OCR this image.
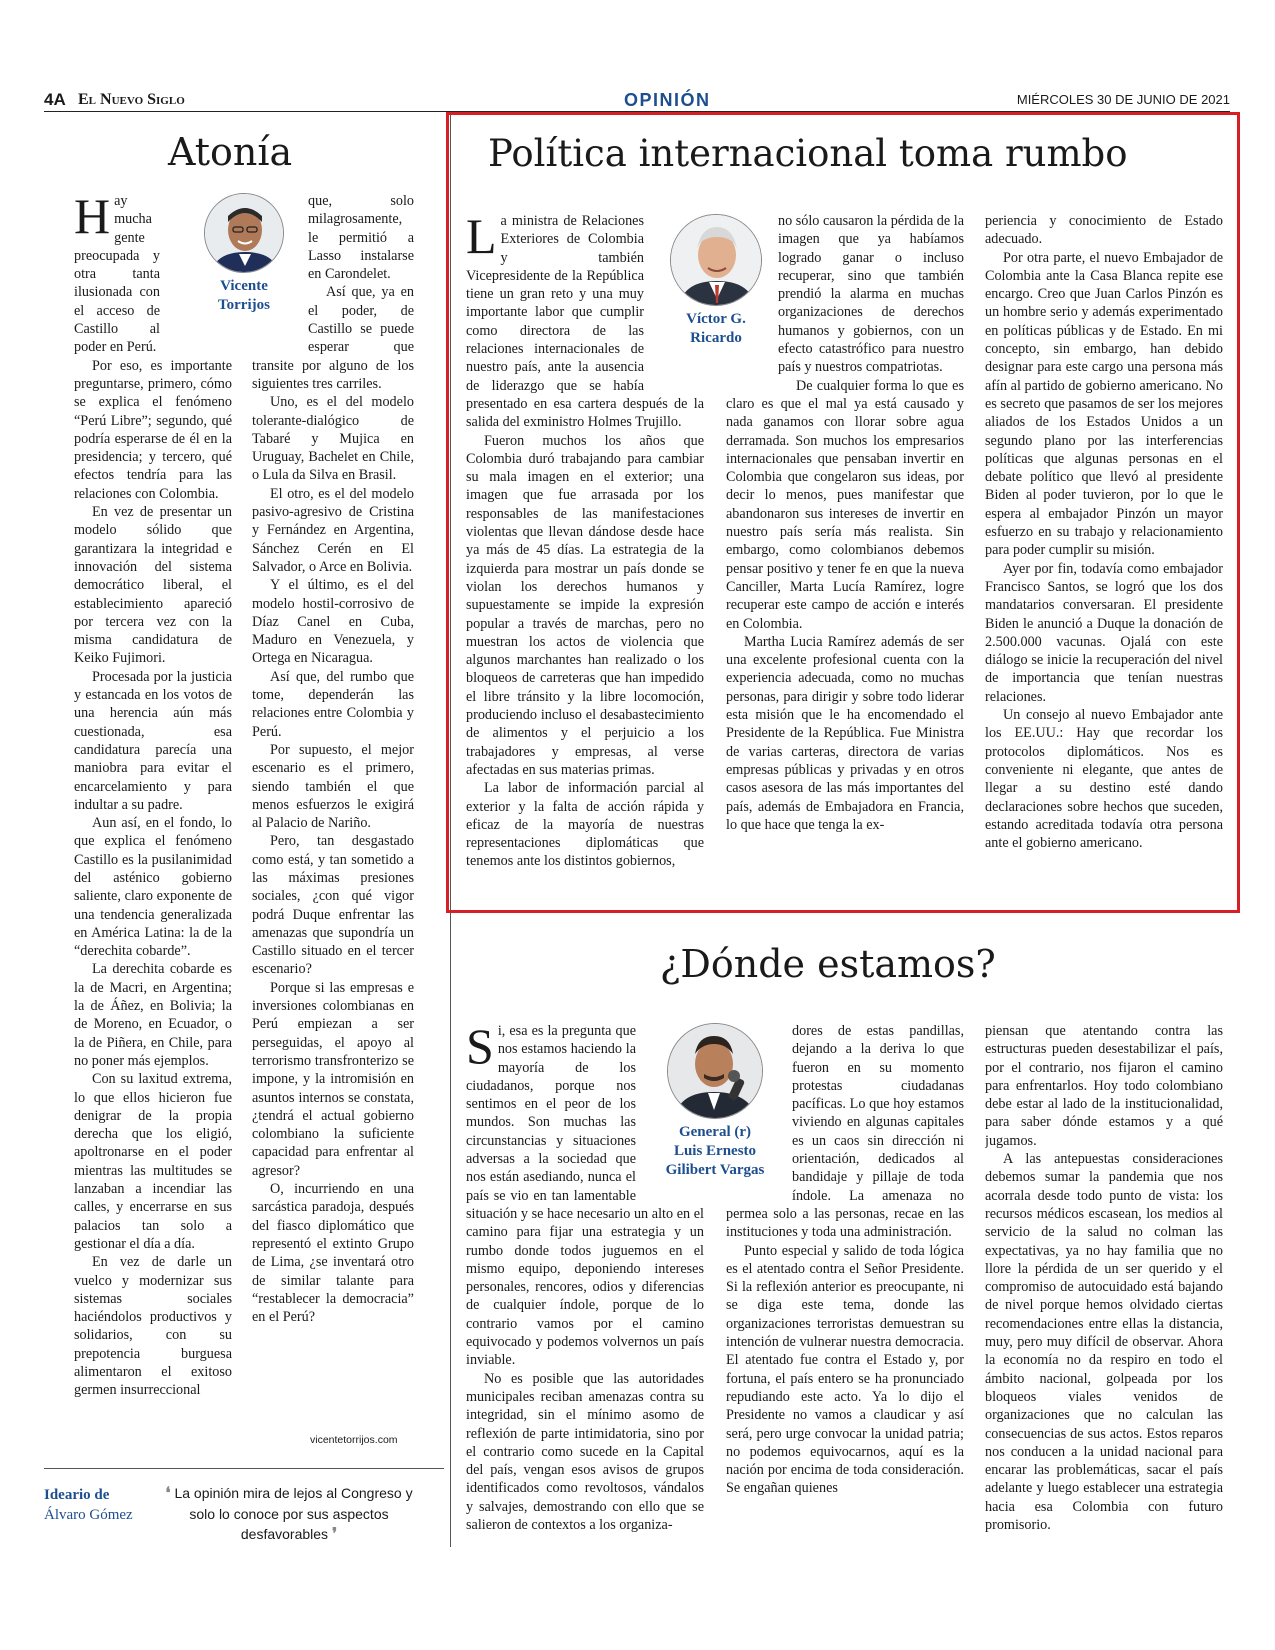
4A El Nuevo Siglo	OPINIÓN	MIÉRCOLES 30 DE JUNIO DE 2021
Atonía
Vicente
Torrijos

Hay mucha gente preocupada y otra tanta ilusionada con el acceso de Castillo al poder en Perú.

Por eso, es importante preguntarse, primero, cómo se explica el fenómeno “Perú Libre”; segundo, qué podría esperarse de él en la presidencia; y tercero, qué efectos tendría para las relaciones con Colombia.

En vez de presentar un modelo sólido que garantizara la integridad e innovación del sistema democrático liberal, el establecimiento apareció por tercera vez con la misma candidatura de Keiko Fujimori.

Procesada por la justicia y estancada en los votos de una herencia aún más cuestionada, esa candidatura parecía una maniobra para evitar el encarcelamiento y para indultar a su padre.

Aun así, en el fondo, lo que explica el fenómeno Castillo es la pusilanimidad del asténico gobierno saliente, claro exponente de una tendencia generalizada en América Latina: la de la “derechita cobarde”.

La derechita cobarde es la de Macri, en Argentina; la de Áñez, en Bolivia; la de Moreno, en Ecuador, o la de Piñera, en Chile, para no poner más ejemplos.

Con su laxitud extrema, lo que ellos hicieron fue denigrar de la propia derecha que los eligió, apoltronarse en el poder mientras las multitudes se lanzaban a incendiar las calles, y encerrarse en sus palacios tan solo a gestionar el día a día.

En vez de darle un vuelco y modernizar sus sistemas sociales haciéndolos productivos y solidarios, con su prepotencia burguesa alimentaron el exitoso germen insurreccional

que, solo milagrosamente, le permitió a Lasso instalarse en Carondelet.

Así que, ya en el poder, de Castillo se puede esperar que transite por alguno de los siguientes tres carriles.

Uno, es el del modelo tolerante-dialógico de Tabaré y Mujica en Uruguay, Bachelet en Chile, o Lula da Silva en Brasil.

El otro, es el del modelo pasivo-agresivo de Cristina y Fernández en Argentina, Sánchez Cerén en El Salvador, o Arce en Bolivia.

Y el último, es el del modelo hostil-corrosivo de Díaz Canel en Cuba, Maduro en Venezuela, y Ortega en Nicaragua.

Así que, del rumbo que tome, dependerán las relaciones entre Colombia y Perú.

Por supuesto, el mejor escenario es el primero, siendo también el que menos esfuerzos le exigirá al Palacio de Nariño.

Pero, tan desgastado como está, y tan sometido a las máximas presiones sociales, ¿con qué vigor podrá Duque enfrentar las amenazas que supondría un Castillo situado en el tercer escenario?

Porque si las empresas e inversiones colombianas en Perú empiezan a ser perseguidas, el apoyo al terrorismo transfronterizo se impone, y la intromisión en asuntos internos se constata, ¿tendrá el actual gobierno colombiano la suficiente capacidad para enfrentar al agresor?

O, incurriendo en una sarcástica paradoja, después del fiasco diplomático que representó el extinto Grupo de Lima, ¿se inventará otro de similar talante para “restablecer la democracia” en el Perú?

vicentetorrijos.com
Ideario de
Álvaro Gómez
❛ La opinión mira de lejos al Congreso y solo lo conoce por sus aspectos desfavorables ❜
Política internacional toma rumbo
Víctor G.
Ricardo

La ministra de Relaciones Exteriores de Colombia y también Vicepresidente de la República tiene un gran reto y una muy importante labor que cumplir como directora de las relaciones internacionales de nuestro país, ante la ausencia de liderazgo que se había presentado en esa cartera después de la salida del exministro Holmes Trujillo.

Fueron muchos los años que Colombia duró trabajando para cambiar su mala imagen en el exterior; una imagen que fue arrasada por los responsables de las manifestaciones violentas que llevan dándose desde hace ya más de 45 días. La estrategia de la izquierda para mostrar un país donde se violan los derechos humanos y supuestamente se impide la expresión popular a través de marchas, pero no muestran los actos de violencia que algunos marchantes han realizado o los bloqueos de carreteras que han impedido el libre tránsito y la libre locomoción, produciendo incluso el desabastecimiento de alimentos y el perjuicio a los trabajadores y empresas, al verse afectadas en sus materias primas.

La labor de información parcial al exterior y la falta de acción rápida y eficaz de la mayoría de nuestras representaciones diplomáticas que tenemos ante los distintos gobiernos,

no sólo causaron la pérdida de la imagen que ya habíamos logrado ganar o incluso recuperar, sino que también prendió la alarma en muchas organizaciones de derechos humanos y gobiernos, con un efecto catastrófico para nuestro país y nuestros compatriotas.

De cualquier forma lo que es claro es que el mal ya está causado y nada ganamos con llorar sobre agua derramada. Son muchos los empresarios internacionales que pensaban invertir en Colombia que congelaron sus ideas, por decir lo menos, pues manifestar que abandonaron sus intereses de invertir en nuestro país sería más realista. Sin embargo, como colombianos debemos pensar positivo y tener fe en que la nueva Canciller, Marta Lucía Ramírez, logre recuperar este campo de acción e interés en Colombia.

Martha Lucia Ramírez además de ser una excelente profesional cuenta con la experiencia adecuada, como no muchas personas, para dirigir y sobre todo liderar esta misión que le ha encomendado el Presidente de la República. Fue Ministra de varias carteras, directora de varias empresas públicas y privadas y en otros casos asesora de las más importantes del país, además de Embajadora en Francia, lo que hace que tenga la ex-

periencia y conocimiento de Estado adecuado.

Por otra parte, el nuevo Embajador de Colombia ante la Casa Blanca repite ese encargo. Creo que Juan Carlos Pinzón es un hombre serio y además experimentado en políticas públicas y de Estado. En mi concepto, sin embargo, han debido designar para este cargo una persona más afín al partido de gobierno americano. No es secreto que pasamos de ser los mejores aliados de los Estados Unidos a un segundo plano por las interferencias políticas que algunas personas en el debate político que llevó al presidente Biden al poder tuvieron, por lo que le espera al embajador Pinzón un mayor esfuerzo en su trabajo y relacionamiento para poder cumplir su misión.

Ayer por fin, todavía como embajador Francisco Santos, se logró que los dos mandatarios conversaran. El presidente Biden le anunció a Duque la donación de 2.500.000 vacunas. Ojalá con este diálogo se inicie la recuperación del nivel de importancia que tenían nuestras relaciones.

Un consejo al nuevo Embajador ante los EE.UU.: Hay que recordar los protocolos diplomáticos. Nos es conveniente ni elegante, que antes de llegar a su destino esté dando declaraciones sobre hechos que suceden, estando acreditada todavía otra persona ante el gobierno americano.

¿Dónde estamos?
General (r)
Luis Ernesto
Gilibert Vargas

Si, esa es la pregunta que nos estamos haciendo la mayoría de los ciudadanos, porque nos sentimos en el peor de los mundos. Son muchas las circunstancias y situaciones adversas a la sociedad que nos están asediando, nunca el país se vio en tan lamentable situación y se hace necesario un alto en el camino para fijar una estrategia y un rumbo donde todos juguemos en el mismo equipo, deponiendo intereses personales, rencores, odios y diferencias de cualquier índole, porque de lo contrario vamos por el camino equivocado y podemos volvernos un país inviable.

No es posible que las autoridades municipales reciban amenazas contra su integridad, sin el mínimo asomo de reflexión de parte intimidatoria, sino por el contrario como sucede en la Capital del país, vengan esos avisos de grupos identificados como revoltosos, vándalos y salvajes, demostrando con ello que se salieron de contextos a los organiza-

dores de estas pandillas, dejando a la deriva lo que fueron en su momento protestas ciudadanas pacíficas. Lo que hoy estamos viviendo en algunas capitales es un caos sin dirección ni orientación, dedicados al bandidaje y pillaje de toda índole. La amenaza no permea solo a las personas, recae en las instituciones y toda una administración.

Punto especial y salido de toda lógica es el atentado contra el Señor Presidente. Si la reflexión anterior es preocupante, ni se diga este tema, donde las organizaciones terroristas demuestran su intención de vulnerar nuestra democracia. El atentado fue contra el Estado y, por fortuna, el país entero se ha pronunciado repudiando este acto. Ya lo dijo el Presidente no vamos a claudicar y así será, pero urge convocar la unidad patria; no podemos equivocarnos, aquí es la nación por encima de toda consideración. Se engañan quienes

piensan que atentando contra las estructuras pueden desestabilizar el país, por el contrario, nos fijaron el camino para enfrentarlos. Hoy todo colombiano debe estar al lado de la institucionalidad, para saber dónde estamos y a qué jugamos.

A las antepuestas consideraciones debemos sumar la pandemia que nos acorrala desde todo punto de vista: los recursos médicos escasean, los medios al servicio de la salud no colman las expectativas, ya no hay familia que no llore la pérdida de un ser querido y el compromiso de autocuidado está bajando de nivel porque hemos olvidado ciertas recomendaciones entre ellas la distancia, muy, pero muy difícil de observar. Ahora la economía no da respiro en todo el ámbito nacional, golpeada por los bloqueos viales venidos de organizaciones que no calculan las consecuencias de sus actos. Estos reparos nos conducen a la unidad nacional para encarar las problemáticas, sacar el país adelante y luego establecer una estrategia hacia esa Colombia con futuro promisorio.
